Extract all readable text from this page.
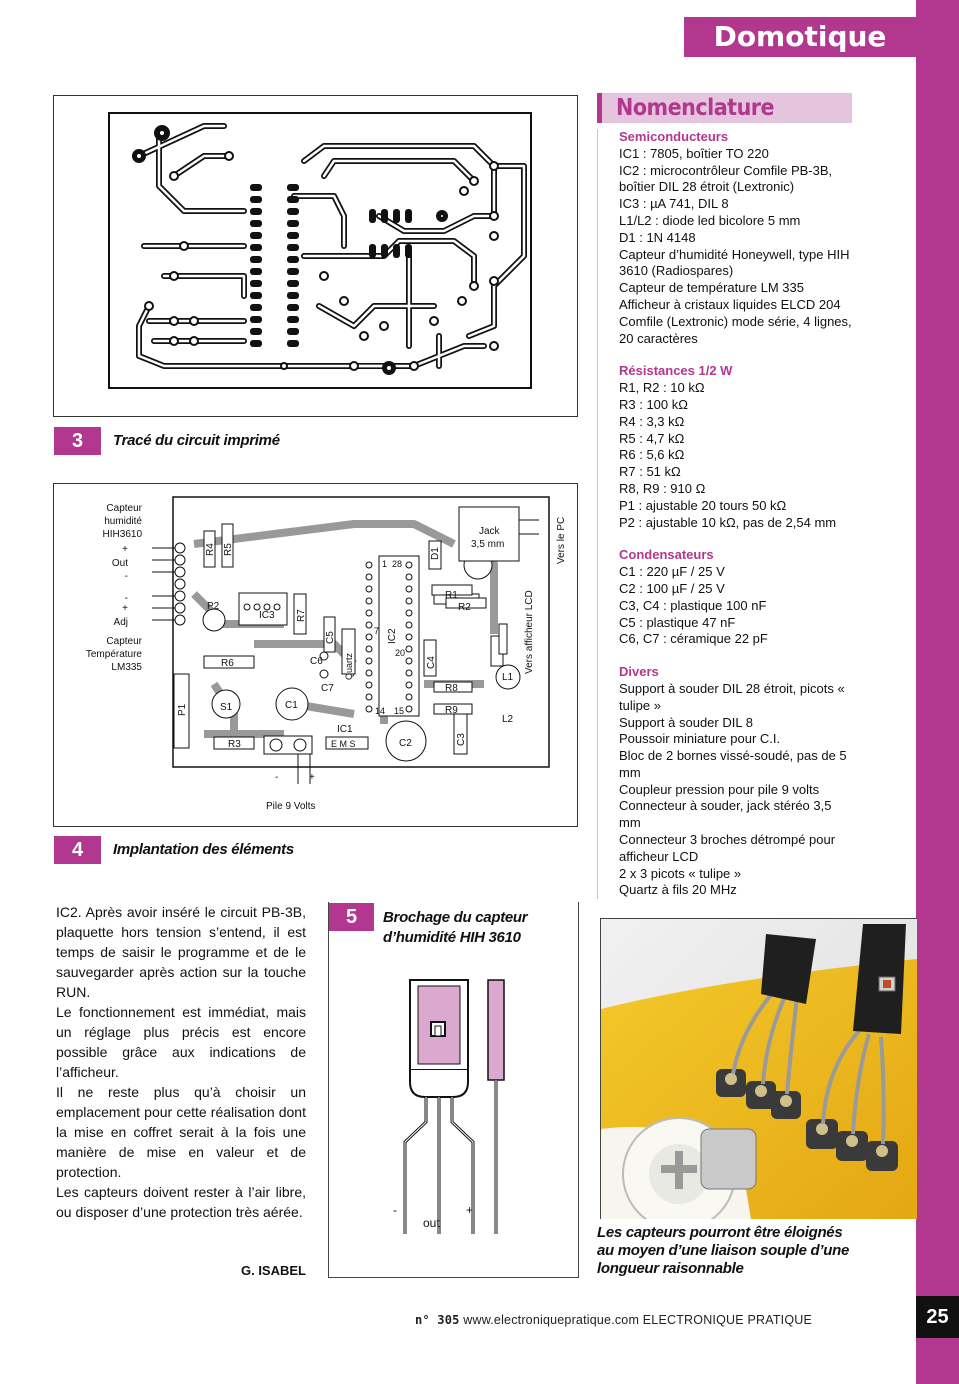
Domotique
25
3	Tracé du circuit imprimé
Capteur
humidité
HIH3610
+
Out
-
-
+
Adj
Capteur
Température
LM335
R4 R5
P2
IC3 R7
C5
C6
C7
Quartz
R6
P1	S1	C1
R3
IC1
E M S	C2
IC2
28
1
7
20
14 15
D1
R1
R2
C4
R8
R9
C3
L1
L2
Jack
3,5 mm	Vers le PC
Vers afficheur LCD
-	+
Pile 9 Volts
4	Implantation des éléments
IC2. Après avoir inséré le circuit PB-3B, plaquette hors tension s’entend, il est temps de saisir le programme et de le sauvegarder après action sur la touche RUN.
Le fonctionnement est immédiat, mais un réglage plus précis est encore possible grâce aux indications de l’afficheur.
Il ne reste plus qu’à choisir un emplacement pour cette réalisation dont la mise en coffret serait à la fois une manière de mise en valeur et de protection.
Les capteurs doivent rester à l’air libre, ou disposer d’une protection très aérée.
G. ISABEL
5	Brochage du capteur
d’humidité HIH 3610
-	+
out
Nomenclature
Semiconducteurs
IC1 : 7805, boîtier TO 220
IC2 : microcontrôleur Comfile PB-3B, boîtier DIL 28 étroit (Lextronic)
IC3 : µA 741, DIL 8
L1/L2 : diode led bicolore 5 mm
D1 : 1N 4148
Capteur d’humidité Honeywell, type HIH 3610 (Radiospares)
Capteur de température LM 335
Afficheur à cristaux liquides ELCD 204 Comfile (Lextronic) mode série, 4 lignes, 20 caractères
Résistances 1/2 W
R1, R2 : 10 kΩ
R3 : 100 kΩ
R4 : 3,3 kΩ
R5 : 4,7 kΩ
R6 : 5,6 kΩ
R7 : 51 kΩ
R8, R9 : 910 Ω
P1 : ajustable 20 tours 50 kΩ
P2 : ajustable 10 kΩ, pas de 2,54 mm
Condensateurs
C1 : 220 µF / 25 V
C2 : 100 µF / 25 V
C3, C4 : plastique 100 nF
C5 : plastique 47 nF
C6, C7 : céramique 22 pF
Divers
Support à souder DIL 28 étroit, picots « tulipe »
Support à souder DIL 8
Poussoir miniature pour C.I.
Bloc de 2 bornes vissé-soudé, pas de 5 mm
Coupleur pression pour pile 9 volts
Connecteur à souder, jack stéréo 3,5 mm
Connecteur 3 broches détrompé pour afficheur LCD
2 x 3 picots « tulipe »
Quartz à fils 20 MHz
Les capteurs pourront être éloignés
au moyen d’une liaison souple d’une
longueur raisonnable
n° 305 www.electroniquepratique.com ELECTRONIQUE PRATIQUE
